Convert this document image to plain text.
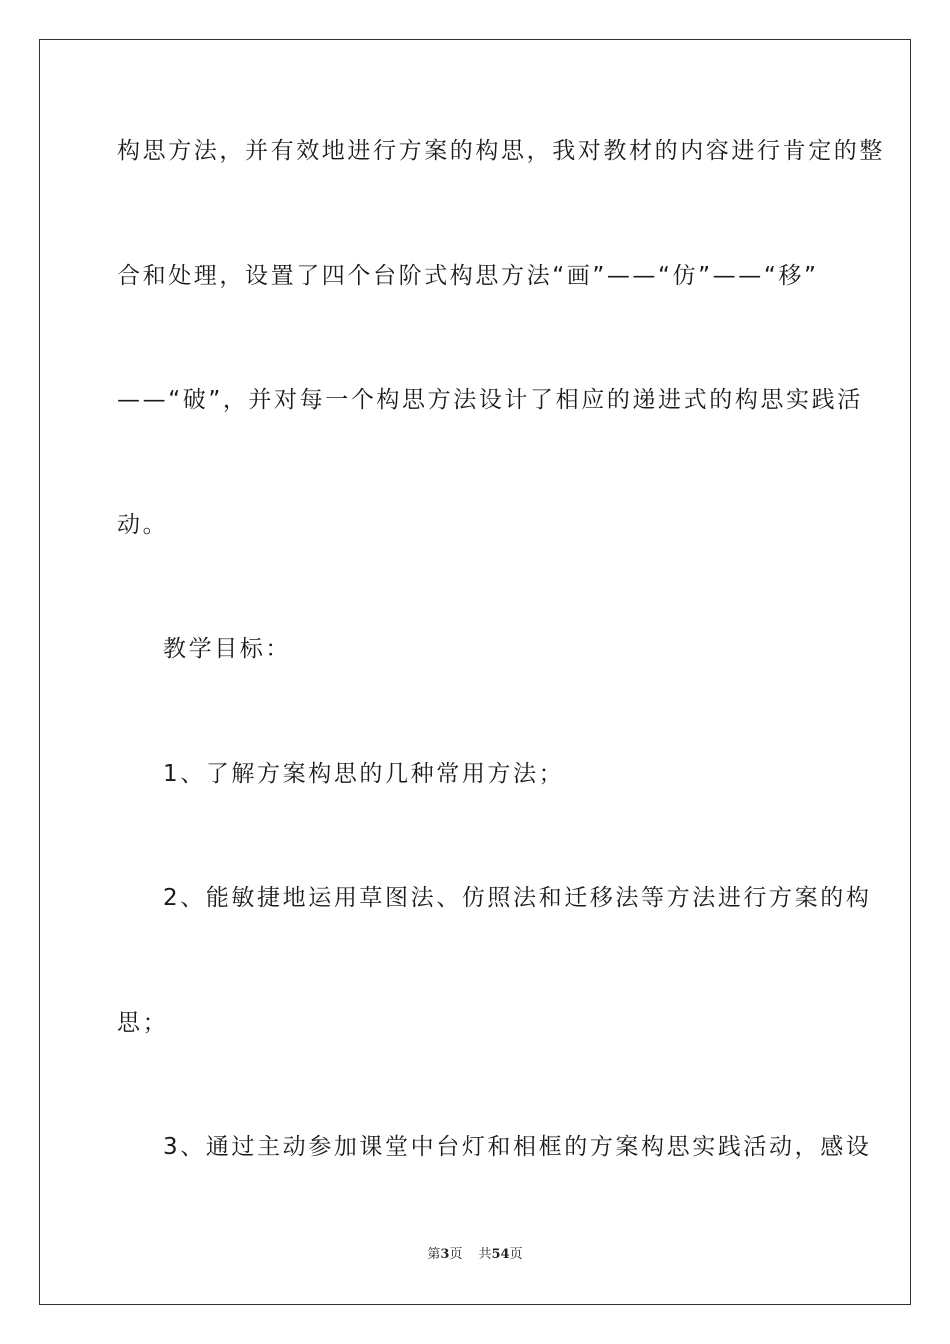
构思方法，并有效地进行方案的构思，我对教材的内容进行肯定的整
合和处理，设置了四个台阶式构思方法“画”——“仿”——“移”
——“破”，并对每一个构思方法设计了相应的递进式的构思实践活
动。
教学目标：
1、了解方案构思的几种常用方法；
2、能敏捷地运用草图法、仿照法和迁移法等方法进行方案的构
思；
3、通过主动参加课堂中台灯和相框的方案构思实践活动，感设
第3页 共54页
